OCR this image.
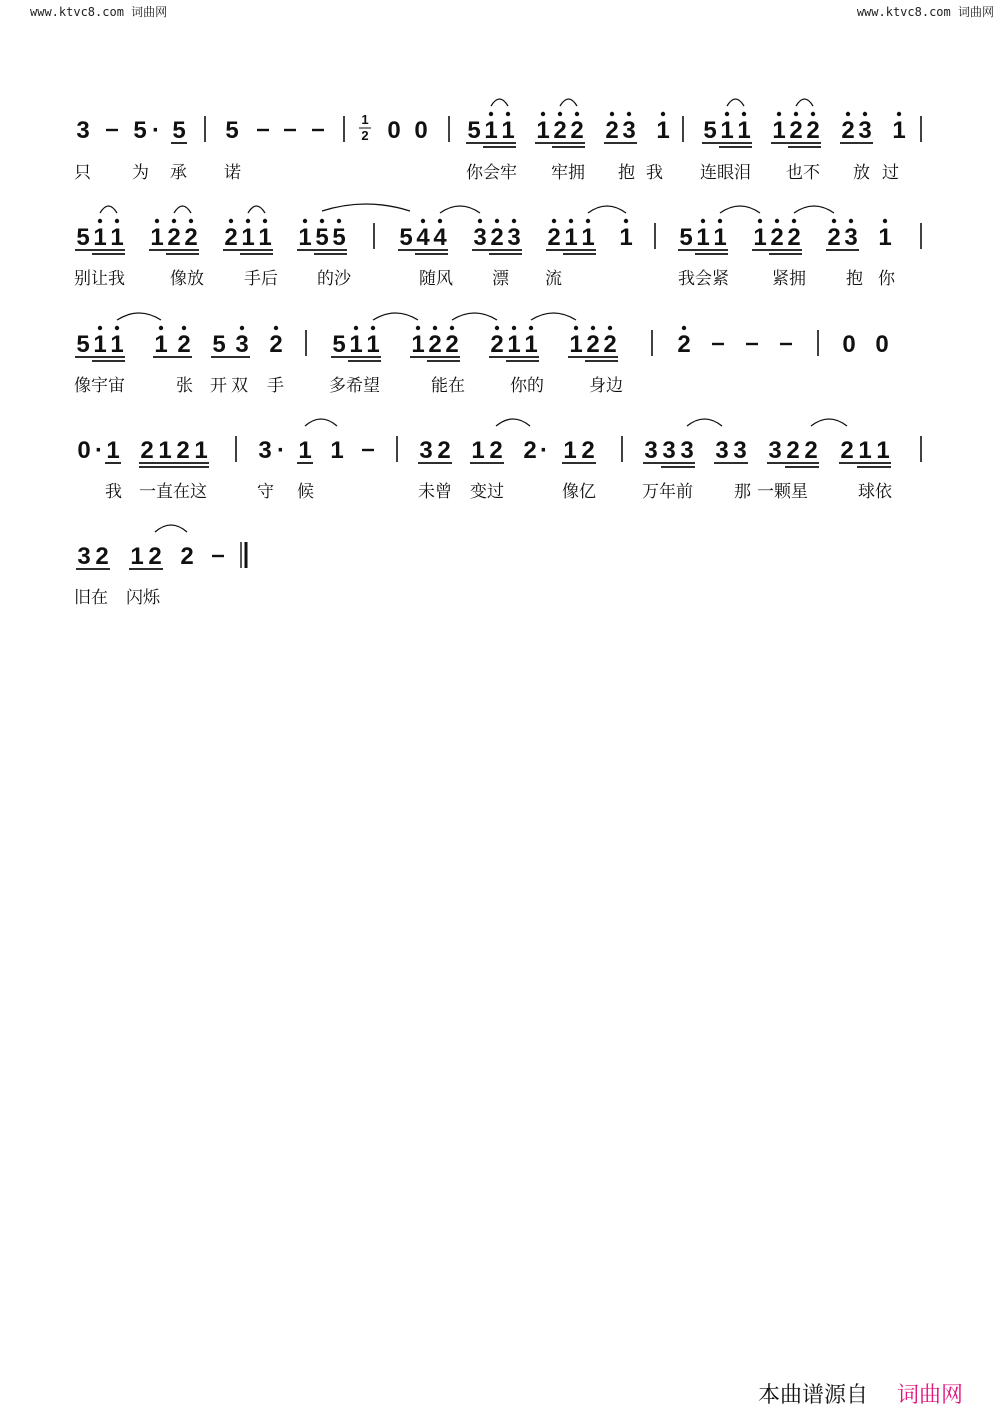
www.ktvc8.com 词曲网	www.ktvc8.com 词曲网
3 5 · 5 5	1
2 0 0 5 1 1 1 2 2 2 3 1 5 1 1 1 2 2 2 3 1
5 1 1 1 2 2 2 1 1 1 5 5 5 4 4 3 2 3 2 1 1 1 5 1 1 1 2 2 2 3 1
5 1 1 1 2 5 3 2 5 1 1 1 2 2 2 1 1 1 2 2	2	0 0
0 · 1 2 1 2 1 3 · 1 1	3 2 1 2 2 · 1 2 3 3 3 3 3 3 2 2 2 1 1
3 2 1 2 2
只 为 承 诺	你会牢 牢拥 抱 我 连眼泪 也不 放 过
别让我	像放 手后 的沙	随风 漂 流	我会紧	紧拥 抱 你
像宇宙	张 开 双 手	多希望	能在	你的	身边
我 一直在这	守 候	未曾 变过	像亿	万年前 那 一颗星	球依
旧在 闪烁
本曲谱源自 词曲网
